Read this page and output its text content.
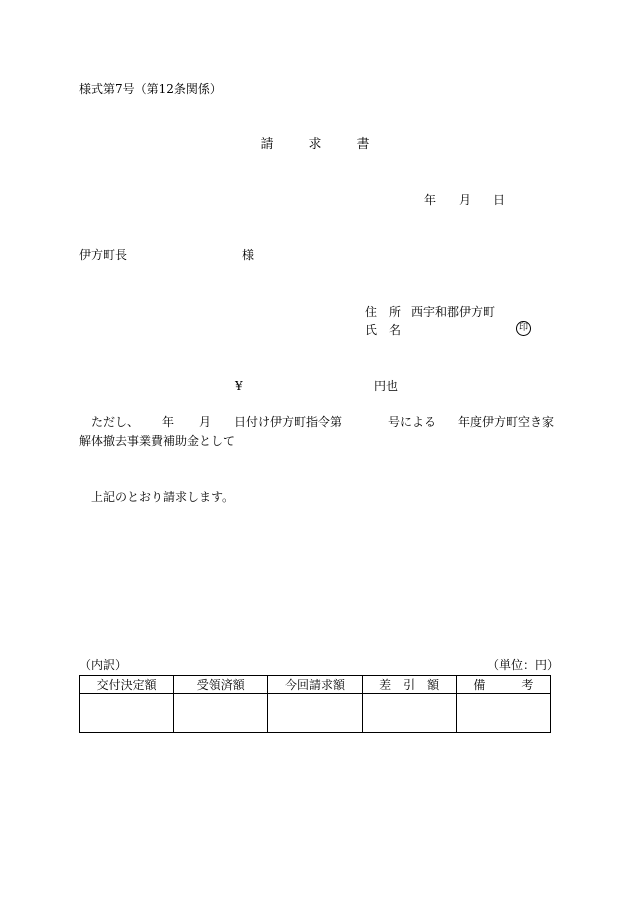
様式第7号（第12条関係）
請	求	書
年 月 日
伊方町長	様
住　所 西宇和郡伊方町
氏　名	印
¥	円也
ただし、 年 月 日付け伊方町指令第	号による 年度伊方町空き家
解体撤去事業費補助金として
上記のとおり請求します。
（内訳）	（単位：円）
交付決定額	受領済額	今回請求額	差　引　額	備　　　考
